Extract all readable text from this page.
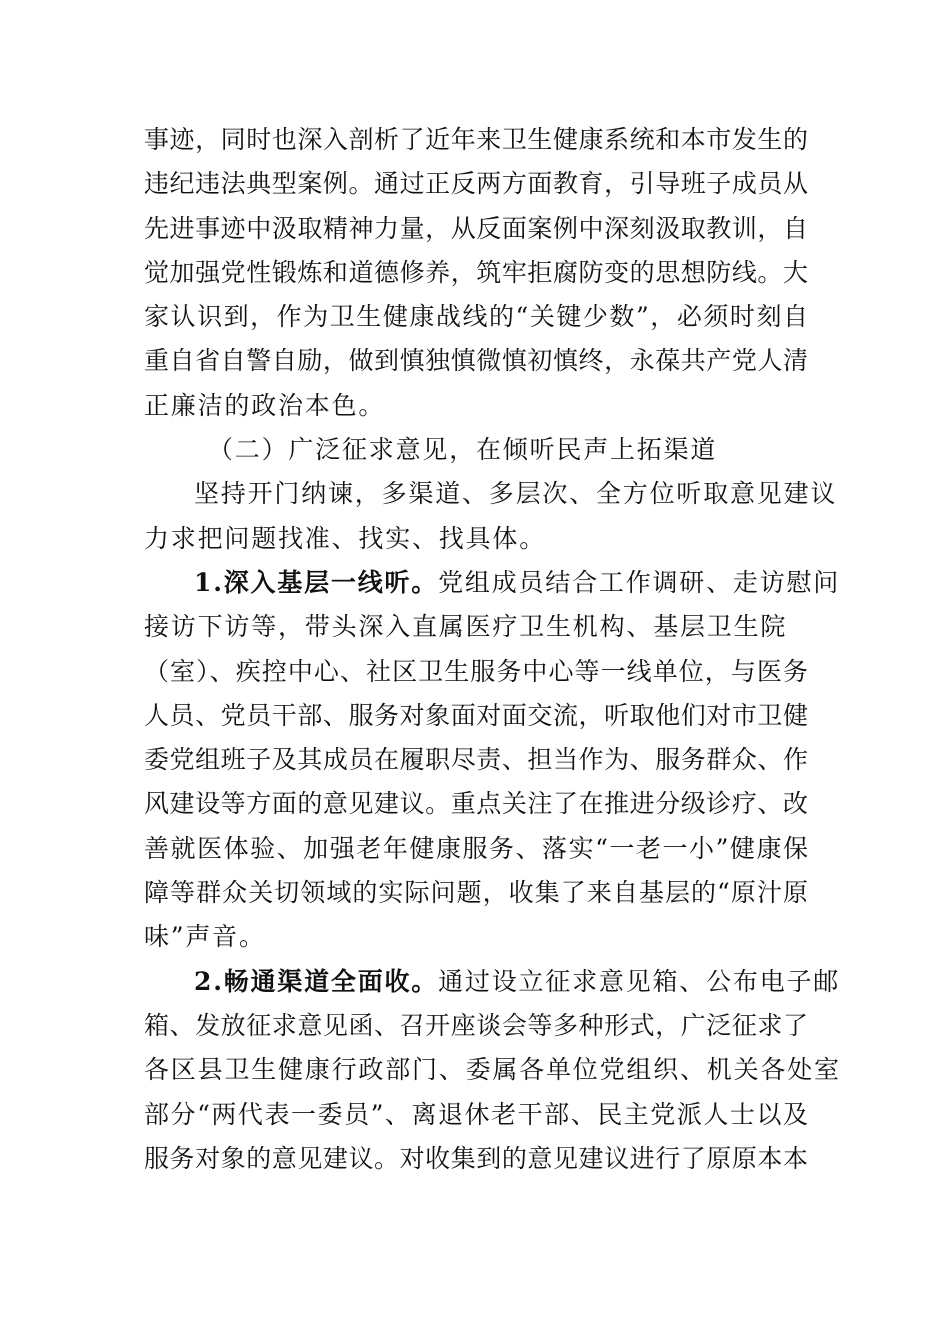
事迹，同时也深入剖析了近年来卫生健康系统和本市发生的
违纪违法典型案例。通过正反两方面教育，引导班子成员从
先进事迹中汲取精神力量，从反面案例中深刻汲取教训，自
觉加强党性锻炼和道德修养，筑牢拒腐防变的思想防线。大
家认识到，作为卫生健康战线的“关键少数”，必须时刻自
重自省自警自励，做到慎独慎微慎初慎终，永葆共产党人清
正廉洁的政治本色。
（二）广泛征求意见，在倾听民声上拓渠道
坚持开门纳谏，多渠道、多层次、全方位听取意见建议
力求把问题找准、找实、找具体。
1.深入基层一线听。党组成员结合工作调研、走访慰问
接访下访等，带头深入直属医疗卫生机构、基层卫生院
（室）、疾控中心、社区卫生服务中心等一线单位，与医务
人员、党员干部、服务对象面对面交流，听取他们对市卫健
委党组班子及其成员在履职尽责、担当作为、服务群众、作
风建设等方面的意见建议。重点关注了在推进分级诊疗、改
善就医体验、加强老年健康服务、落实“一老一小”健康保
障等群众关切领域的实际问题，收集了来自基层的“原汁原
味”声音。
2.畅通渠道全面收。通过设立征求意见箱、公布电子邮
箱、发放征求意见函、召开座谈会等多种形式，广泛征求了
各区县卫生健康行政部门、委属各单位党组织、机关各处室
部分“两代表一委员”、离退休老干部、民主党派人士以及
服务对象的意见建议。对收集到的意见建议进行了原原本本
